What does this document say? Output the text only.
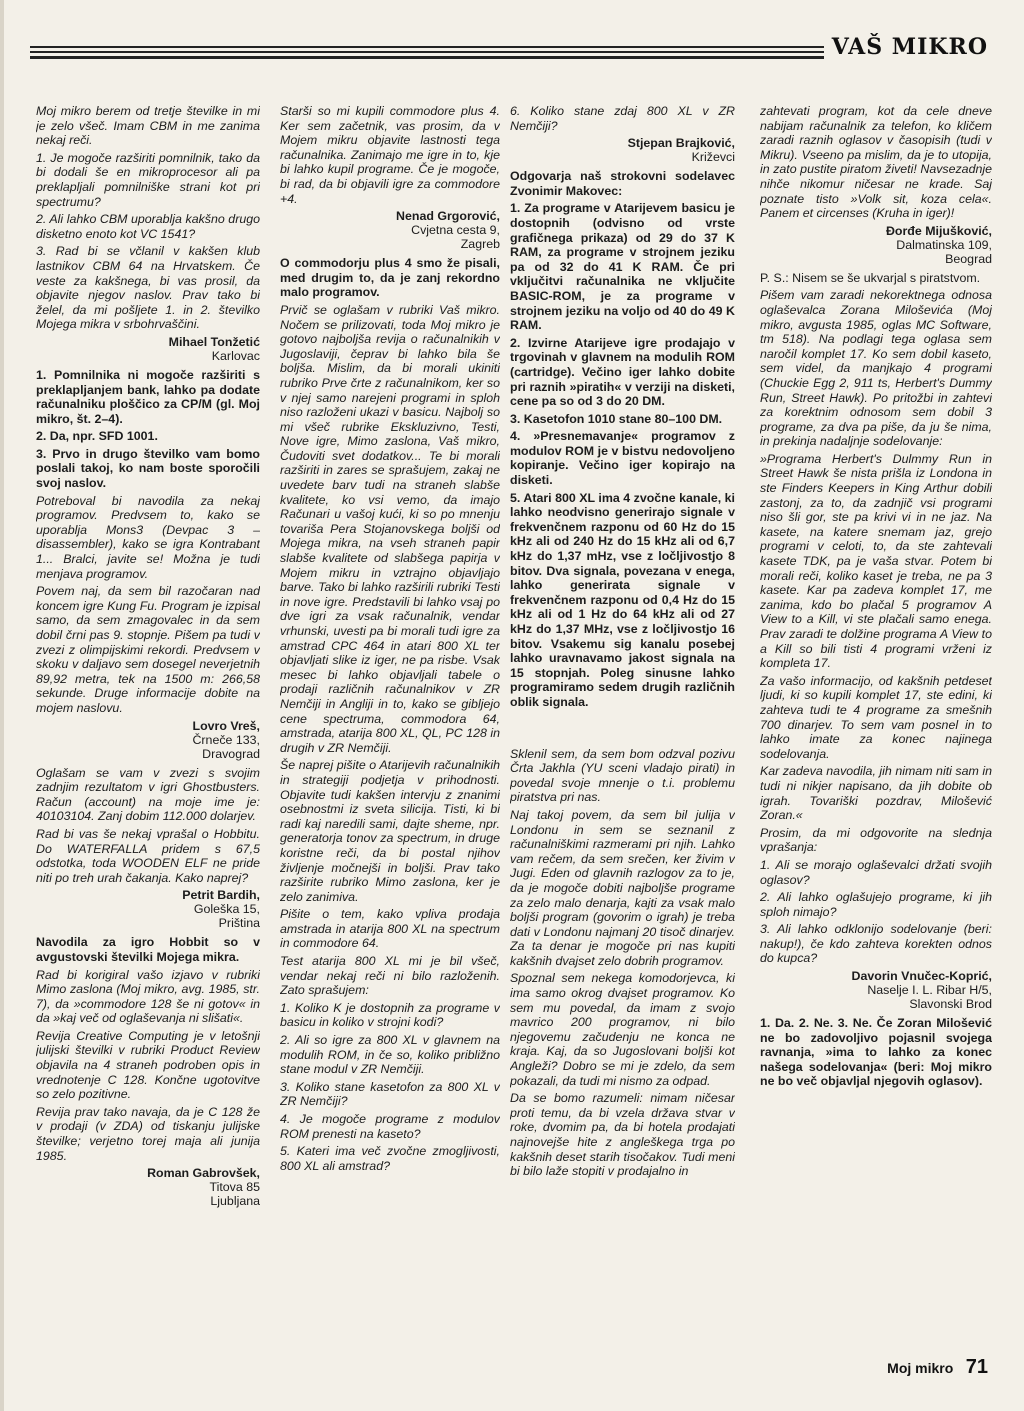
VAŠ MIKRO

Moj mikro berem od tretje številke in mi je zelo všeč. Imam CBM in me zanima nekaj reči.

1. Je mogoče razširiti pomnilnik, tako da bi dodali še en mikroprocesor ali pa preklapljali pomnilniške strani kot pri spectrumu?

2. Ali lahko CBM uporablja kakšno drugo disketno enoto kot VC 1541?

3. Rad bi se včlanil v kakšen klub lastnikov CBM 64 na Hrvatskem. Če veste za kakšnega, bi vas prosil, da objavite njegov naslov. Prav tako bi želel, da mi pošljete 1. in 2. številko Mojega mikra v srbohrvaščini.

Mihael Tonžetić
Karlovac

1. Pomnilnika ni mogoče razširiti s preklapljanjem bank, lahko pa dodate računalniku ploščico za CP/M (gl. Moj mikro, št. 2–4).

2. Da, npr. SFD 1001.

3. Prvo in drugo številko vam bomo poslali takoj, ko nam boste sporočili svoj naslov.

Potreboval bi navodila za nekaj programov. Predvsem to, kako se uporablja Mons3 (Devpac 3 – disassembler), kako se igra Kontrabant 1... Bralci, javite se! Možna je tudi menjava programov.

Povem naj, da sem bil razočaran nad koncem igre Kung Fu. Program je izpisal samo, da sem zmagovalec in da sem dobil črni pas 9. stopnje. Pišem pa tudi v zvezi z olimpijskimi rekordi. Predvsem v skoku v daljavo sem dosegel neverjetnih 89,92 metra, tek na 1500 m: 266,58 sekunde. Druge informacije dobite na mojem naslovu.

Lovro Vreš,
Črneče 133,
Dravograd

Oglašam se vam v zvezi s svojim zadnjim rezultatom v igri Ghostbusters. Račun (account) na moje ime je: 40103104. Zanj dobim 112.000 dolarjev.

Rad bi vas še nekaj vprašal o Hobbitu. Do WATERFALLA pridem s 67,5 odstotka, toda WOODEN ELF ne pride niti po treh urah čakanja. Kako naprej?

Petrit Bardih,
Goleška 15,
Priština

Navodila za igro Hobbit so v avgustovski številki Mojega mikra.

Rad bi korigiral vašo izjavo v rubriki Mimo zaslona (Moj mikro, avg. 1985, str. 7), da »commodore 128 še ni gotov« in da »kaj več od oglaševanja ni slišati«.

Revija Creative Computing je v letošnji julijski številki v rubriki Product Review objavila na 4 straneh podroben opis in vrednotenje C 128. Končne ugotovitve so zelo pozitivne.

Revija prav tako navaja, da je C 128 že v prodaji (v ZDA) od tiskanju julijske številke; verjetno torej maja ali junija 1985.

Roman Gabrovšek,
Titova 85
Ljubljana

Starši so mi kupili commodore plus 4. Ker sem začetnik, vas prosim, da v Mojem mikru objavite lastnosti tega računalnika. Zanimajo me igre in to, kje bi lahko kupil programe. Če je mogoče, bi rad, da bi objavili igre za commodore +4.

Nenad Grgorović,
Cvjetna cesta 9,
Zagreb

O commodorju plus 4 smo že pisali, med drugim to, da je zanj rekordno malo programov.

Prvič se oglašam v rubriki Vaš mikro. Nočem se prilizovati, toda Moj mikro je gotovo najboljša revija o računalnikih v Jugoslaviji, čeprav bi lahko bila še boljša. Mislim, da bi morali ukiniti rubriko Prve črte z računalnikom, ker so v njej samo narejeni programi in sploh niso razloženi ukazi v basicu. Najbolj so mi všeč rubrike Ekskluzivno, Testi, Nove igre, Mimo zaslona, Vaš mikro, Čudoviti svet dodatkov... Te bi morali razširiti in zares se sprašujem, zakaj ne uvedete barv tudi na straneh slabše kvalitete, ko vsi vemo, da imajo Računari u vašoj kući, ki so po mnenju tovariša Pera Stojanovskega boljši od Mojega mikra, na vseh straneh papir slabše kvalitete od slabšega papirja v Mojem mikru in vztrajno objavljajo barve. Tako bi lahko razširili rubriki Testi in nove igre. Predstavili bi lahko vsaj po dve igri za vsak računalnik, vendar vrhunski, uvesti pa bi morali tudi igre za amstrad CPC 464 in atari 800 XL ter objavljati slike iz iger, ne pa risbe. Vsak mesec bi lahko objavljali tabele o prodaji različnih računalnikov v ZR Nemčiji in Angliji in to, kako se gibljejo cene spectruma, commodora 64, amstrada, atarija 800 XL, QL, PC 128 in drugih v ZR Nemčiji.

Še naprej pišite o Atarijevih računalnikih in strategiji podjetja v prihodnosti. Objavite tudi kakšen intervju z znanimi osebnostmi iz sveta silicija. Tisti, ki bi radi kaj naredili sami, dajte sheme, npr. generatorja tonov za spectrum, in druge koristne reči, da bi postal njihov življenje močnejši in boljši. Prav tako razširite rubriko Mimo zaslona, ker je zelo zanimiva.

Pišite o tem, kako vpliva prodaja amstrada in atarija 800 XL na spectrum in commodore 64.

Test atarija 800 XL mi je bil všeč, vendar nekaj reči ni bilo razloženih. Zato sprašujem:

1. Koliko K je dostopnih za programe v basicu in koliko v strojni kodi?

2. Ali so igre za 800 XL v glavnem na modulih ROM, in če so, koliko približno stane modul v ZR Nemčiji.

3. Koliko stane kasetofon za 800 XL v ZR Nemčiji?

4. Je mogoče programe z modulov ROM prenesti na kaseto?

5. Kateri ima več zvočne zmogljivosti, 800 XL ali amstrad?

6. Koliko stane zdaj 800 XL v ZR Nemčiji?

Stjepan Brajković,
Križevci

Odgovarja naš strokovni sodelavec Zvonimir Makovec:

1. Za programe v Atarijevem basicu je dostopnih (odvisno od vrste grafičnega prikaza) od 29 do 37 K RAM, za programe v strojnem jeziku pa od 32 do 41 K RAM. Če pri vključitvi računalnika ne vključite BASIC-ROM, je za programe v strojnem jeziku na voljo od 40 do 49 K RAM.

2. Izvirne Atarijeve igre prodajajo v trgovinah v glavnem na modulih ROM (cartridge). Večino iger lahko dobite pri raznih »piratih« v verziji na disketi, cene pa so od 3 do 20 DM.

3. Kasetofon 1010 stane 80–100 DM.

4. »Presnemavanje« programov z modulov ROM je v bistvu nedovoljeno kopiranje. Večino iger kopirajo na disketi.

5. Atari 800 XL ima 4 zvočne kanale, ki lahko neodvisno generirajo signale v frekvenčnem razponu od 60 Hz do 15 kHz ali od 240 Hz do 15 kHz ali od 6,7 kHz do 1,37 mHz, vse z ločljivostjo 8 bitov. Dva signala, povezana v enega, lahko generirata signale v frekvenčnem razponu od 0,4 Hz do 15 kHz ali od 1 Hz do 64 kHz ali od 27 kHz do 1,37 MHz, vse z ločljivostjo 16 bitov. Vsakemu sig kanalu posebej lahko uravnavamo jakost signala na 15 stopnjah. Poleg sinusne lahko programiramo sedem drugih različnih oblik signala.

Sklenil sem, da sem bom odzval pozivu Črta Jakhla (YU sceni vladajo pirati) in povedal svoje mnenje o t.i. problemu piratstva pri nas.

Naj takoj povem, da sem bil julija v Londonu in sem se seznanil z računalniškimi razmerami pri njih. Lahko vam rečem, da sem srečen, ker živim v Jugi. Eden od glavnih razlogov za to je, da je mogoče dobiti najboljše programe za zelo malo denarja, kajti za vsak malo boljši program (govorim o igrah) je treba dati v Londonu najmanj 20 tisoč dinarjev. Za ta denar je mogoče pri nas kupiti kakšnih dvajset zelo dobrih programov.

Spoznal sem nekega komodorjevca, ki ima samo okrog dvajset programov. Ko sem mu povedal, da imam z svojo mavrico 200 programov, ni bilo njegovemu začudenju ne konca ne kraja. Kaj, da so Jugoslovani boljši kot Angleži? Dobro se mi je zdelo, da sem pokazali, da tudi mi nismo za odpad.

Da se bomo razumeli: nimam ničesar proti temu, da bi vzela država stvar v roke, dvomim pa, da bi hotela prodajati najnovejše hite z angleškega trga po kakšnih deset starih tisočakov. Tudi meni bi bilo laže stopiti v prodajalno in

zahtevati program, kot da cele dneve nabijam računalnik za telefon, ko kličem zaradi raznih oglasov v časopisih (tudi v Mikru). Vseeno pa mislim, da je to utopija, in zato pustite piratom živeti! Navsezadnje nihče nikomur ničesar ne krade. Saj poznate tisto »Volk sit, koza cela«. Panem et circenses (Kruha in iger)!

Đorđe Mijušković,
Dalmatinska 109,
Beograd

P. S.: Nisem se še ukvarjal s piratstvom.

Pišem vam zaradi nekorektnega odnosa oglaševalca Zorana Miloševića (Moj mikro, avgusta 1985, oglas MC Software, tm 518). Na podlagi tega oglasa sem naročil komplet 17. Ko sem dobil kaseto, sem videl, da manjkajo 4 programi (Chuckie Egg 2, 911 ts, Herbert's Dummy Run, Street Hawk). Po pritožbi in zahtevi za korektnim odnosom sem dobil 3 programe, za dva pa piše, da ju še nima, in prekinja nadaljnje sodelovanje:

»Programa Herbert's Dulmmy Run in Street Hawk še nista prišla iz Londona in ste Finders Keepers in King Arthur dobili zastonj, za to, da zadnjič vsi programi niso šli gor, ste pa krivi vi in ne jaz. Na kasete, na katere snemam jaz, grejo programi v celoti, to, da ste zahtevali kasete TDK, pa je vaša stvar. Potem bi morali reči, koliko kaset je treba, ne pa 3 kasete. Kar pa zadeva komplet 17, me zanima, kdo bo plačal 5 programov A View to a Kill, vi ste plačali samo enega. Prav zaradi te dolžine programa A View to a Kill so bili tisti 4 programi vrženi iz kompleta 17.

Za vašo informacijo, od kakšnih petdeset ljudi, ki so kupili komplet 17, ste edini, ki zahteva tudi te 4 programe za smešnih 700 dinarjev. To sem vam posnel in to lahko imate za konec najinega sodelovanja.

Kar zadeva navodila, jih nimam niti sam in tudi ni nikjer napisano, da jih dobite ob igrah. Tovariški pozdrav, Milošević Zoran.«

Prosim, da mi odgovorite na slednja vprašanja:

1. Ali se morajo oglaševalci držati svojih oglasov?

2. Ali lahko oglašujejo programe, ki jih sploh nimajo?

3. Ali lahko odklonijo sodelovanje (beri: nakup!), če kdo zahteva korekten odnos do kupca?

Davorin Vnučec-Koprić,
Naselje I. L. Ribar H/5,
Slavonski Brod

1. Da. 2. Ne. 3. Ne. Če Zoran Milošević ne bo zadovoljivo pojasnil svojega ravnanja, »ima to lahko za konec našega sodelovanja« (beri: Moj mikro ne bo več objavljal njegovih oglasov).

Moj mikro 71
